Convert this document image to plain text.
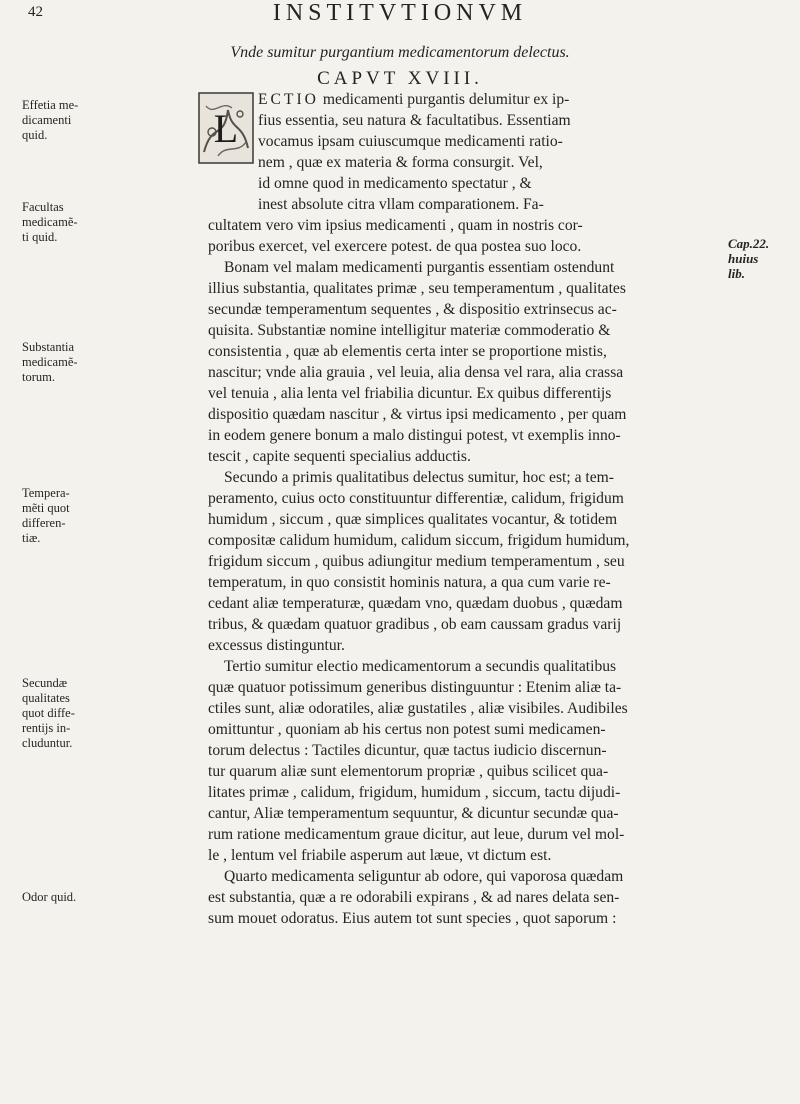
42	INSTITVTIONVM
Vnde sumitur purgantium medicamentorum delectus.
CAPVT XVIII.
L
ECTIO medicamenti purgantis delumitur ex ip-
fius essentia, seu natura & facultatibus. Essentiam
vocamus ipsam cuiuscumque medicamenti ratio-
nem , quæ ex materia & forma consurgit. Vel,
id omne quod in medicamento spectatur , &
inest absolute citra vllam comparationem. Fa-
cultatem vero vim ipsius medicamenti , quam in nostris cor-
poribus exercet, vel exercere potest. de qua postea suo loco.
Bonam vel malam medicamenti purgantis essentiam ostendunt
illius substantia, qualitates primæ , seu temperamentum , qualitates
secundæ temperamentum sequentes , & dispositio extrinsecus ac-
quisita. Substantiæ nomine intelligitur materiæ commoderatio &
consistentia , quæ ab elementis certa inter se proportione mistis,
nascitur; vnde alia grauia , vel leuia, alia densa vel rara, alia crassa
vel tenuia , alia lenta vel friabilia dicuntur. Ex quibus differentijs
dispositio quædam nascitur , & virtus ipsi medicamento , per quam
in eodem genere bonum a malo distingui potest, vt exemplis inno-
tescit , capite sequenti specialius adductis.
Secundo a primis qualitatibus delectus sumitur, hoc est; a tem-
peramento, cuius octo constituuntur differentiæ, calidum, frigidum
humidum , siccum , quæ simplices qualitates vocantur, & totidem
compositæ calidum humidum, calidum siccum, frigidum humidum,
frigidum siccum , quibus adiungitur medium temperamentum , seu
temperatum, in quo consistit hominis natura, a qua cum varie re-
cedant aliæ temperaturæ, quædam vno, quædam duobus , quædam
tribus, & quædam quatuor gradibus , ob eam caussam gradus varij
excessus distinguntur.
Tertio sumitur electio medicamentorum a secundis qualitatibus
quæ quatuor potissimum generibus distinguuntur : Etenim aliæ ta-
ctiles sunt, aliæ odoratiles, aliæ gustatiles , aliæ visibiles. Audibiles
omittuntur , quoniam ab his certus non potest sumi medicamen-
torum delectus : Tactiles dicuntur, quæ tactus iudicio discernun-
tur quarum aliæ sunt elementorum propriæ , quibus scilicet qua-
litates primæ , calidum, frigidum, humidum , siccum, tactu dijudi-
cantur, Aliæ temperamentum sequuntur, & dicuntur secundæ qua-
rum ratione medicamentum graue dicitur, aut leue, durum vel mol-
le , lentum vel friabile asperum aut læue, vt dictum est.
Quarto medicamenta seliguntur ab odore, qui vaporosa quædam
est substantia, quæ a re odorabili expirans , & ad nares delata sen-
sum mouet odoratus. Eius autem tot sunt species , quot saporum :
Effetia me-
dicamenti
quid.
Facultas
medicamẽ-
ti quid.
Substantia
medicamẽ-
torum.
Tempera-
mẽti quot
differen-
tiæ.
Secundæ
qualitates
quot diffe-
rentijs in-
cluduntur.
Odor quid.
Cap.22.
huius
lib.
